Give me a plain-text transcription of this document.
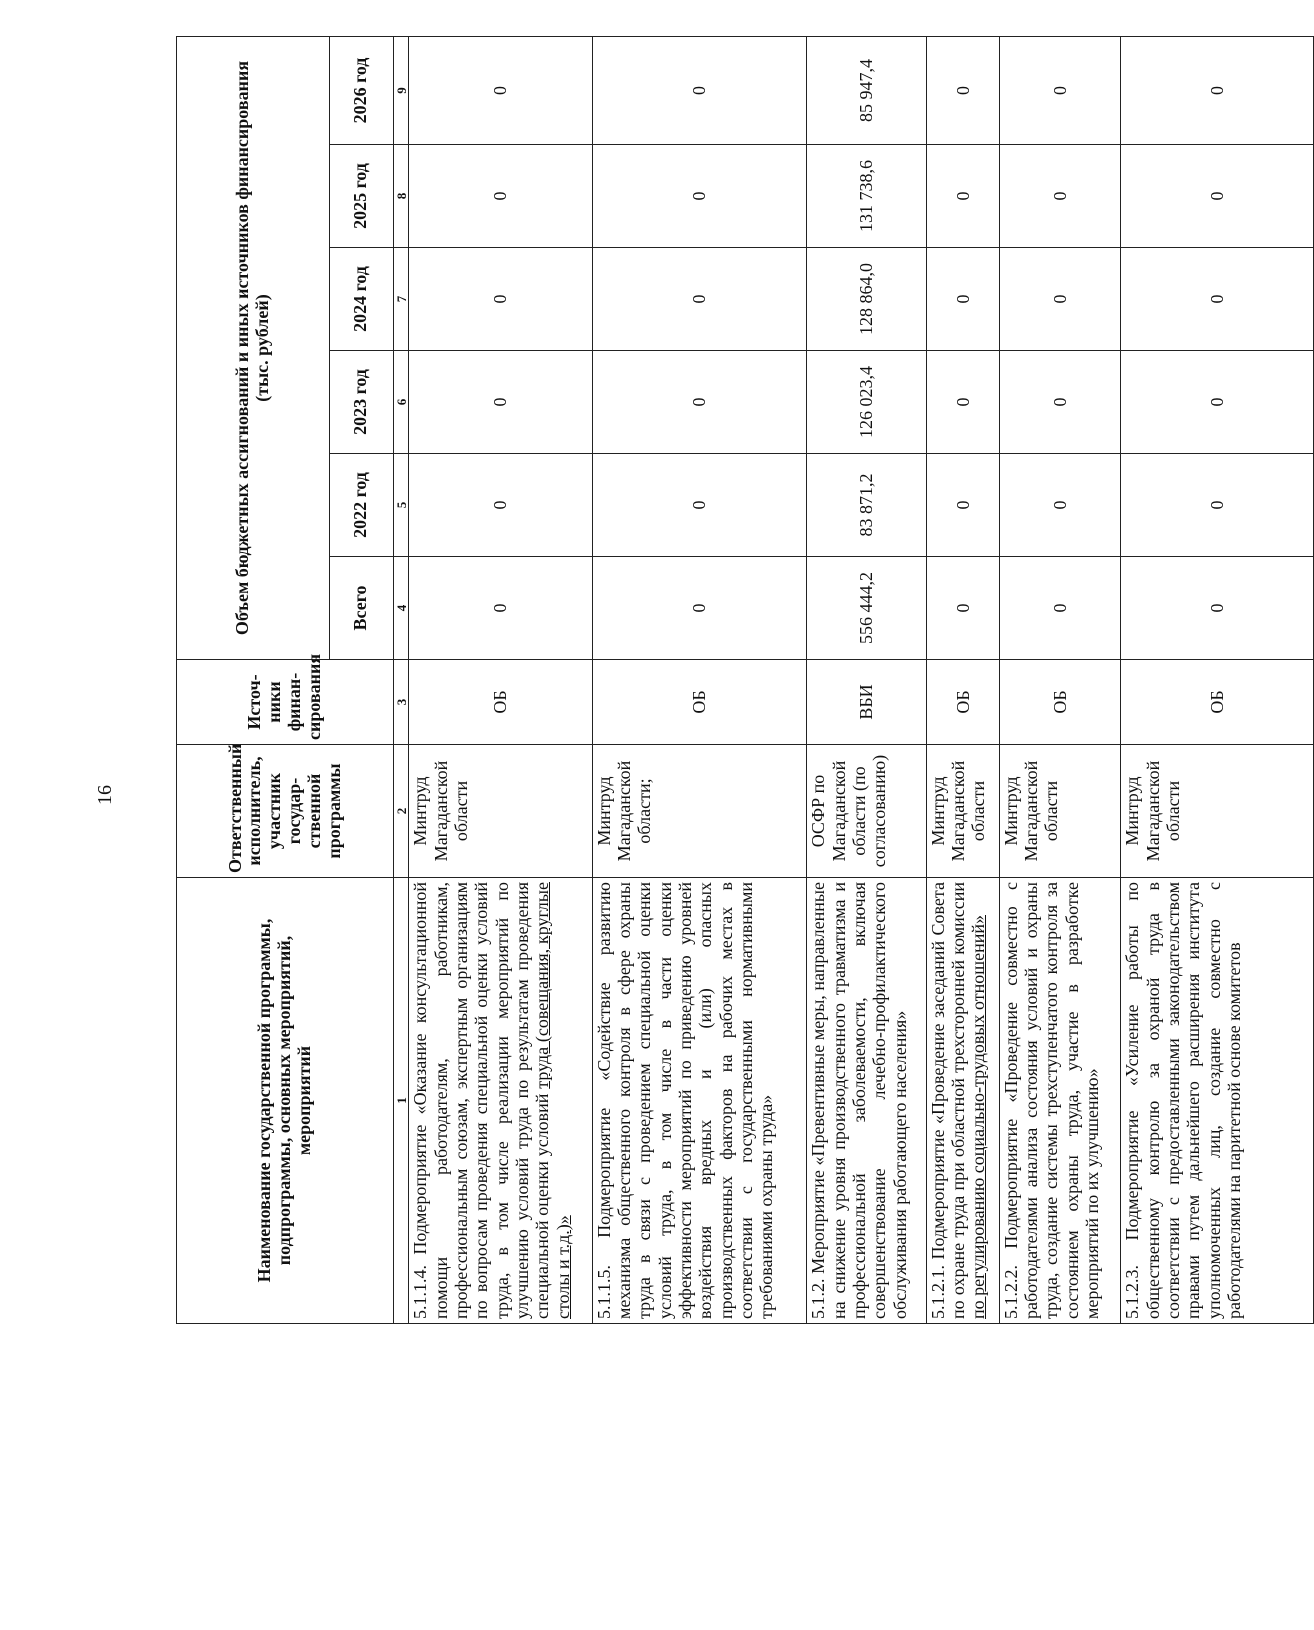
16
Наименование государственной программы, подпрограммы, основных мероприятий, мероприятий	Ответственный исполнитель, участник государ-ственной программы	Источ-ники финан-сирования	Объем бюджетных ассигнований и иных источников финансирования (тыс. рублей)					
			Всего	2022 год	2023 год	2024 год	2025 год	2026 год
1	2	3	4	5	6	7	8	9
5.1.1.4. Подмероприятие «Оказание консультационной помощи работодателям, работникам, профессиональным союзам, экспертным организациям по вопросам проведения специальной оценки условий труда, в том числе реализации мероприятий по улучшению условий труда по результатам проведения специальной оценки условий труда (совещания, круглые столы и т.д.)»	Минтруд Магаданской области	ОБ	0	0	0	0	0	0
5.1.1.5. Подмероприятие «Содействие развитию механизма общественного контроля в сфере охраны труда в связи с проведением специальной оценки условий труда, в том числе в части оценки эффективности мероприятий по приведению уровней воздействия вредных и (или) опасных производственных факторов на рабочих местах в соответствии с государственными нормативными требованиями охраны труда»	Минтруд Магаданской области;	ОБ	0	0	0	0	0	0
5.1.2. Мероприятие «Превентивные меры, направленные на снижение уровня производственного травматизма и профессиональной заболеваемости, включая совершенствование лечебно-профилактического обслуживания работающего населения»	ОСФР по Магаданской области (по согласованию)	ВБИ	556 444,2	83 871,2	126 023,4	128 864,0	131 738,6	85 947,4
5.1.2.1. Подмероприятие «Проведение заседаний Совета по охране труда при областной трехсторонней комиссии по регулированию социально-трудовых отношений»	Минтруд Магаданской области	ОБ	0	0	0	0	0	0
5.1.2.2. Подмероприятие «Проведение совместно с работодателями анализа состояния условий и охраны труда, создание системы трехступенчатого контроля за состоянием охраны труда, участие в разработке мероприятий по их улучшению»	Минтруд Магаданской области	ОБ	0	0	0	0	0	0
5.1.2.3. Подмероприятие «Усиление работы по общественному контролю за охраной труда в соответствии с предоставленными законодательством правами путем дальнейшего расширения института уполномоченных лиц, создание совместно с работодателями на паритетной основе комитетов	Минтруд Магаданской области	ОБ	0	0	0	0	0	0
